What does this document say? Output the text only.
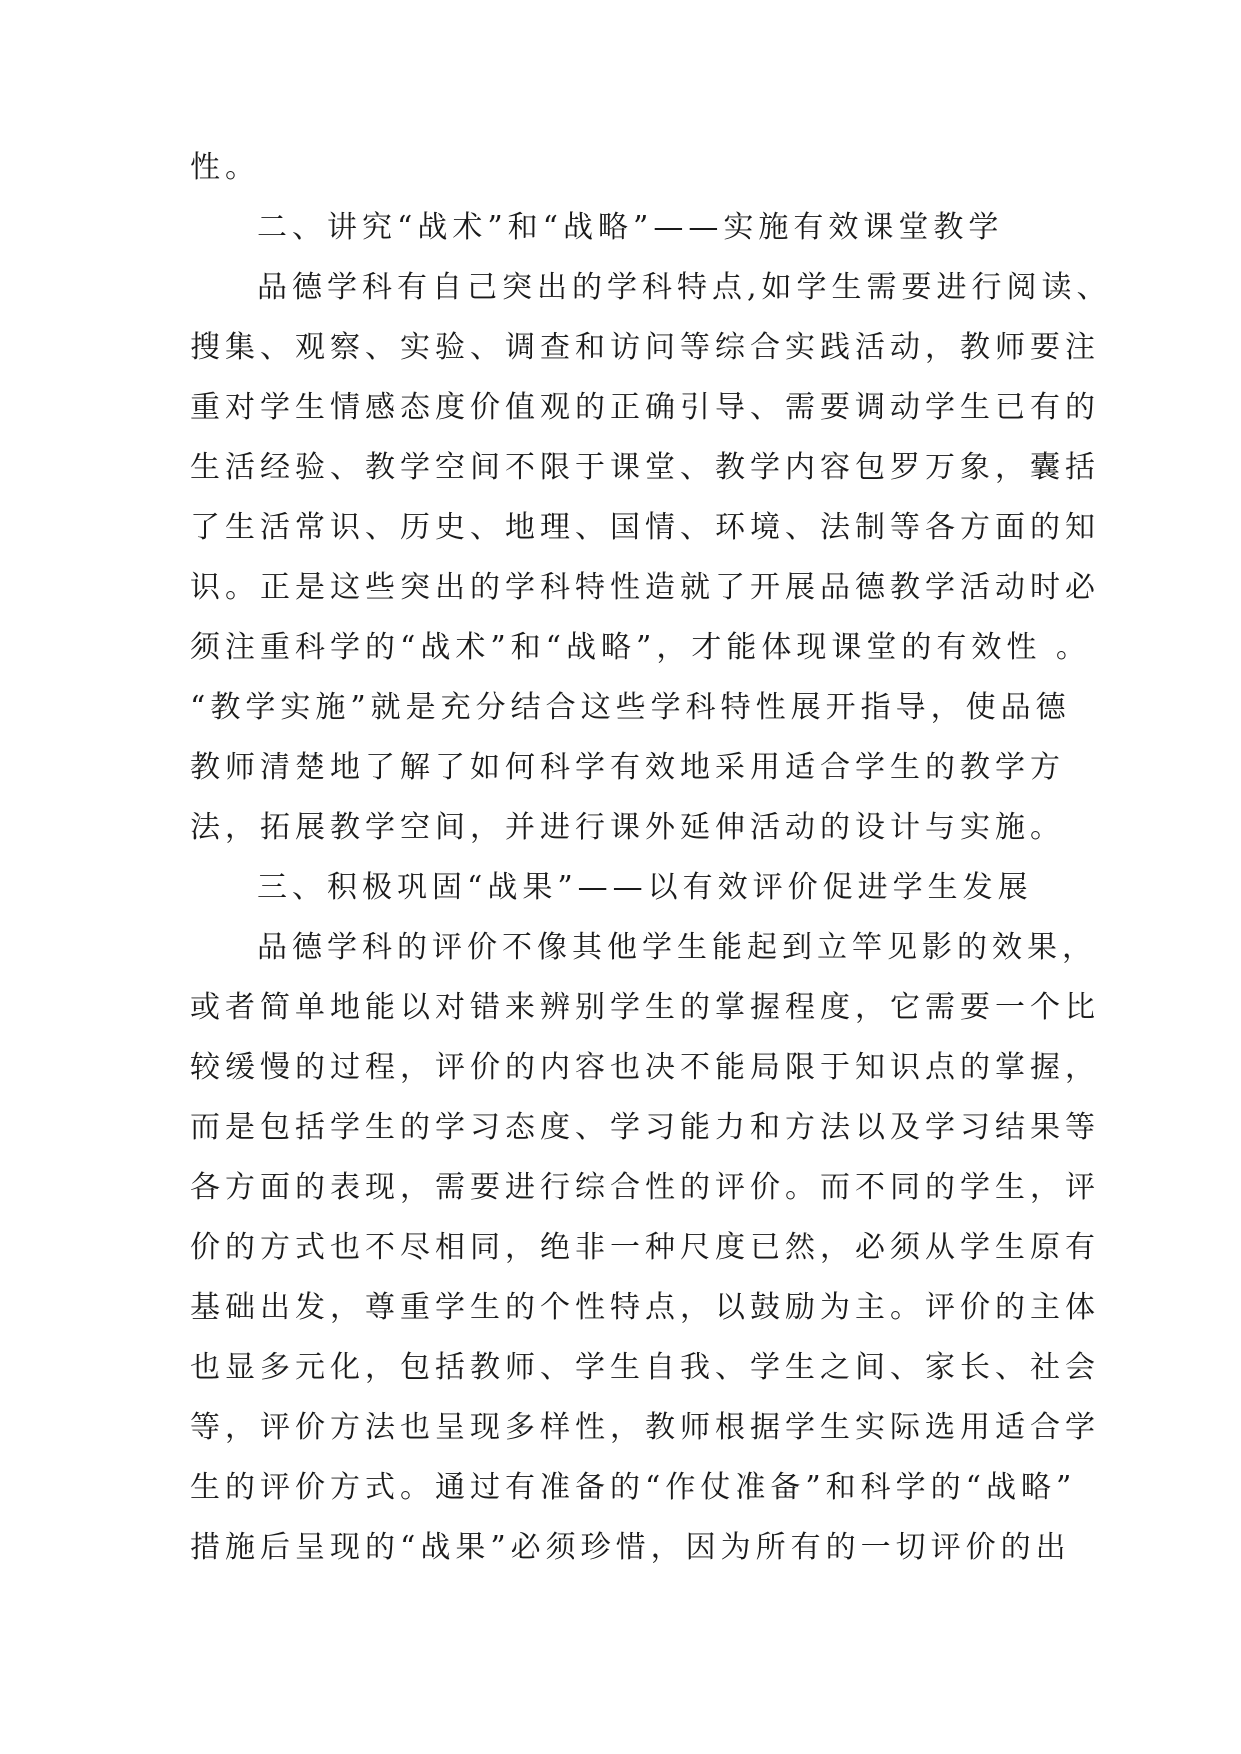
性。
二、讲究“战术”和“战略”——实施有效课堂教学
品德学科有自己突出的学科特点,如学生需要进行阅读、
搜集、观察、实验、调查和访问等综合实践活动，教师要注
重对学生情感态度价值观的正确引导、需要调动学生已有的
生活经验、教学空间不限于课堂、教学内容包罗万象，囊括
了生活常识、历史、地理、国情、环境、法制等各方面的知
识。正是这些突出的学科特性造就了开展品德教学活动时必
须注重科学的“战术”和“战略”，才能体现课堂的有效性 。
“教学实施”就是充分结合这些学科特性展开指导，使品德
教师清楚地了解了如何科学有效地采用适合学生的教学方
法，拓展教学空间，并进行课外延伸活动的设计与实施。
三、积极巩固“战果”——以有效评价促进学生发展
品德学科的评价不像其他学生能起到立竿见影的效果，
或者简单地能以对错来辨别学生的掌握程度，它需要一个比
较缓慢的过程，评价的内容也决不能局限于知识点的掌握，
而是包括学生的学习态度、学习能力和方法以及学习结果等
各方面的表现，需要进行综合性的评价。而不同的学生，评
价的方式也不尽相同，绝非一种尺度已然，必须从学生原有
基础出发，尊重学生的个性特点，以鼓励为主。评价的主体
也显多元化，包括教师、学生自我、学生之间、家长、社会
等，评价方法也呈现多样性，教师根据学生实际选用适合学
生的评价方式。通过有准备的“作仗准备”和科学的“战略”
措施后呈现的“战果”必须珍惜，因为所有的一切评价的出
